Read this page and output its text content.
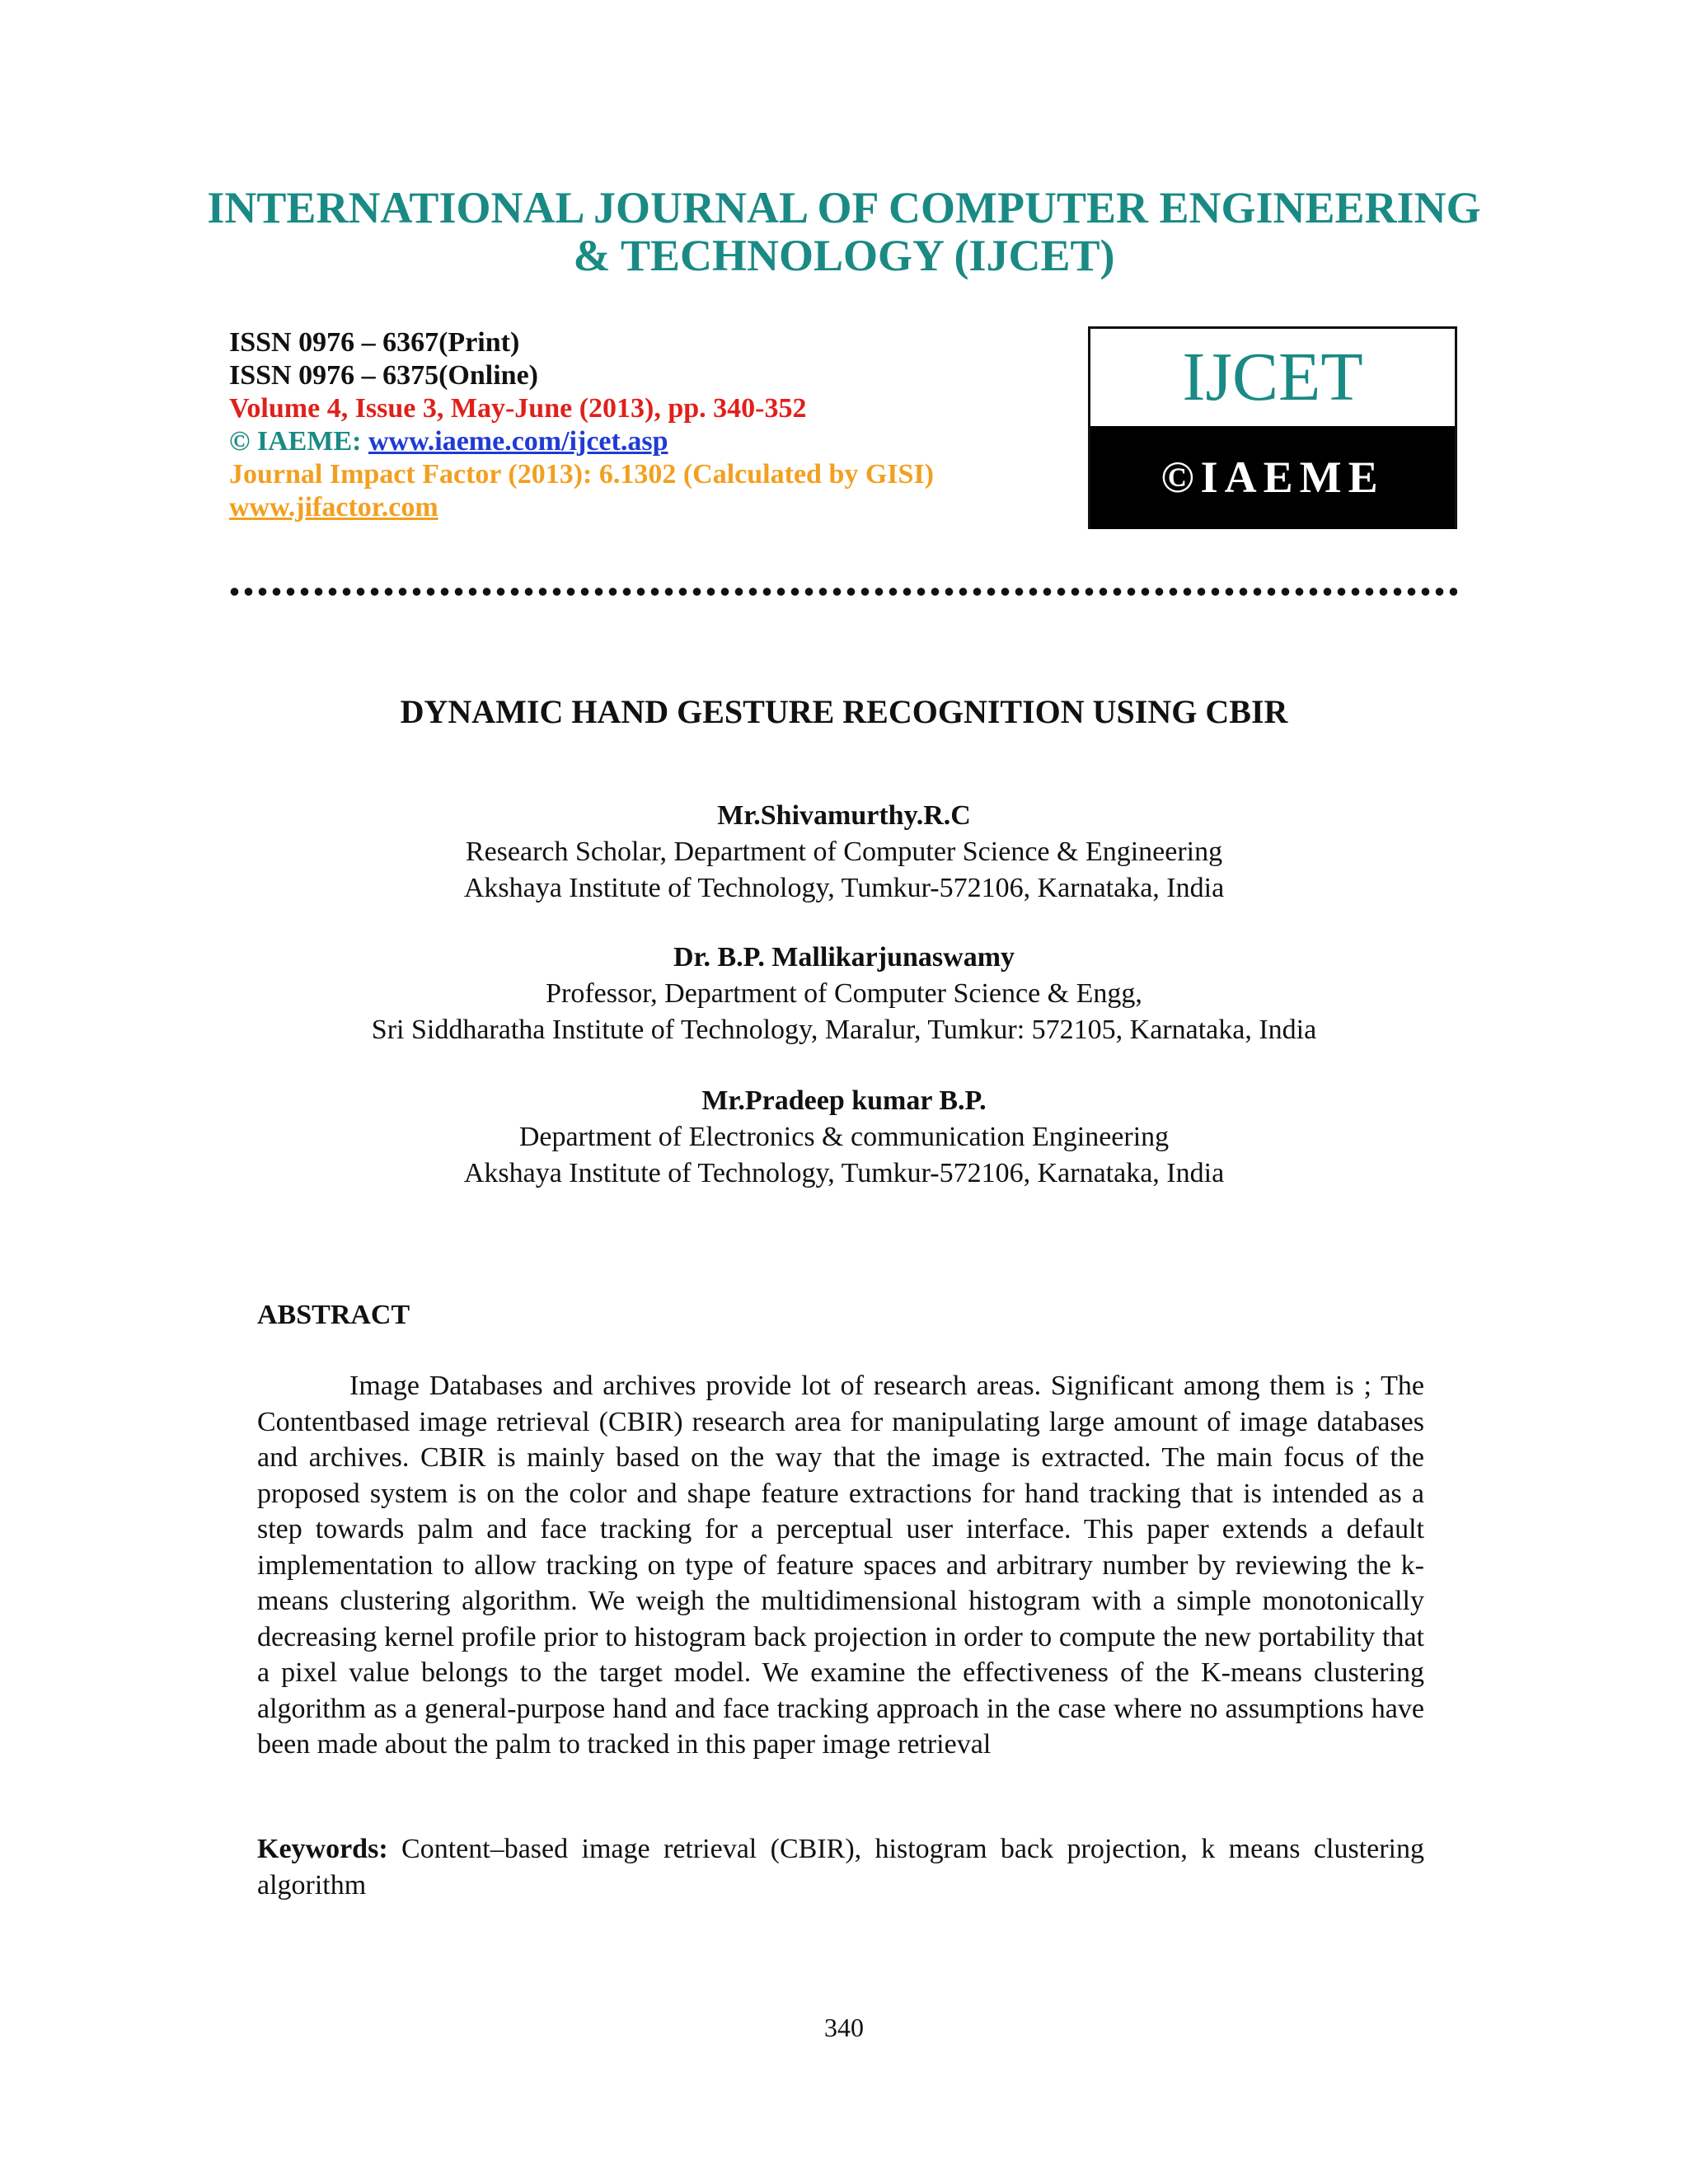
INTERNATIONAL JOURNAL OF COMPUTER ENGINEERING
& TECHNOLOGY (IJCET)
ISSN 0976 – 6367(Print)
ISSN 0976 – 6375(Online)
Volume 4, Issue 3, May-June (2013), pp. 340-352
© IAEME: www.iaeme.com/ijcet.asp
Journal Impact Factor (2013): 6.1302 (Calculated by GISI)
www.jifactor.com
IJCET
©IAEME
DYNAMIC HAND GESTURE RECOGNITION USING CBIR
Mr.Shivamurthy.R.C
Research Scholar, Department of Computer Science & Engineering
Akshaya Institute of Technology, Tumkur-572106, Karnataka, India
Dr. B.P. Mallikarjunaswamy
Professor, Department of Computer Science & Engg,
Sri Siddharatha Institute of Technology, Maralur, Tumkur: 572105, Karnataka, India
Mr.Pradeep kumar B.P.
Department of Electronics & communication Engineering
Akshaya Institute of Technology, Tumkur-572106, Karnataka, India
ABSTRACT
Image Databases and archives provide lot of research areas. Significant among them is ; The Contentbased image retrieval (CBIR) research area for manipulating large amount of image databases and archives. CBIR is mainly based on the way that the image is extracted. The main focus of the proposed system is on the color and shape feature extractions for hand tracking that is intended as a step towards palm and face tracking for a perceptual user interface. This paper extends a default implementation to allow tracking on type of feature spaces and arbitrary number by reviewing the k-means clustering algorithm. We weigh the multidimensional histogram with a simple monotonically decreasing kernel profile prior to histogram back projection in order to compute the new portability that a pixel value belongs to the target model. We examine the effectiveness of the K-means clustering algorithm as a general-purpose hand and face tracking approach in the case where no assumptions have been made about the palm to tracked in this paper image retrieval
Keywords: Content–based image retrieval (CBIR), histogram back projection, k means clustering algorithm
340
